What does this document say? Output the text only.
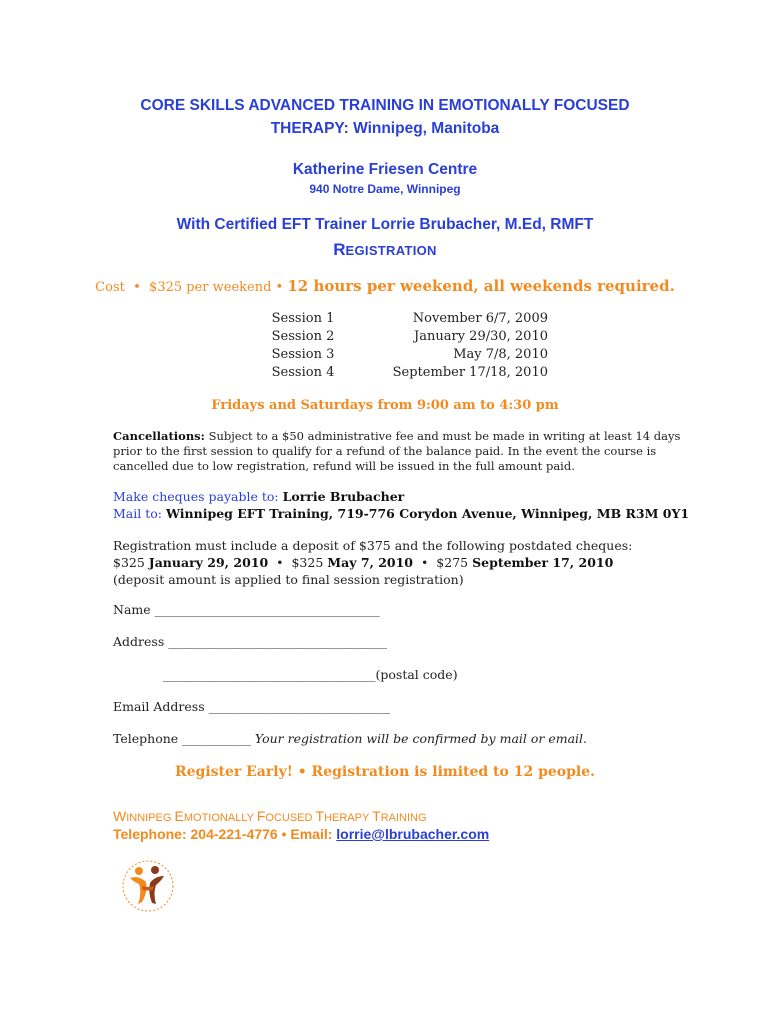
CORE SKILLS ADVANCED TRAINING IN EMOTIONALLY FOCUSED
THERAPY: Winnipeg, Manitoba
Katherine Friesen Centre
940 Notre Dame, Winnipeg
With Certified EFT Trainer Lorrie Brubacher, M.Ed, RMFT
REGISTRATION
Cost • $325 per weekend • 12 hours per weekend, all weekends required.
Session 1	November 6/7, 2009
Session 2	January 29/30, 2010
Session 3	May 7/8, 2010
Session 4	September 17/18, 2010
Fridays and Saturdays from 9:00 am to 4:30 pm
Cancellations: Subject to a $50 administrative fee and must be made in writing at least 14 days prior to the first session to qualify for a refund of the balance paid. In the event the course is cancelled due to low registration, refund will be issued in the full amount paid.
Make cheques payable to: Lorrie Brubacher
Mail to: Winnipeg EFT Training, 719-776 Corydon Avenue, Winnipeg, MB R3M 0Y1
Registration must include a deposit of $375 and the following postdated cheques:
$325 January 29, 2010 • $325 May 7, 2010 • $275 September 17, 2010
(deposit amount is applied to final session registration)
Name ____________________________________
Address ___________________________________
__________________________________(postal code)
Email Address _____________________________
Telephone ___________ Your registration will be confirmed by mail or email.
Register Early! • Registration is limited to 12 people.
WINNIPEG EMOTIONALLY FOCUSED THERAPY TRAINING
Telephone: 204-221-4776 • Email: lorrie@lbrubacher.com
